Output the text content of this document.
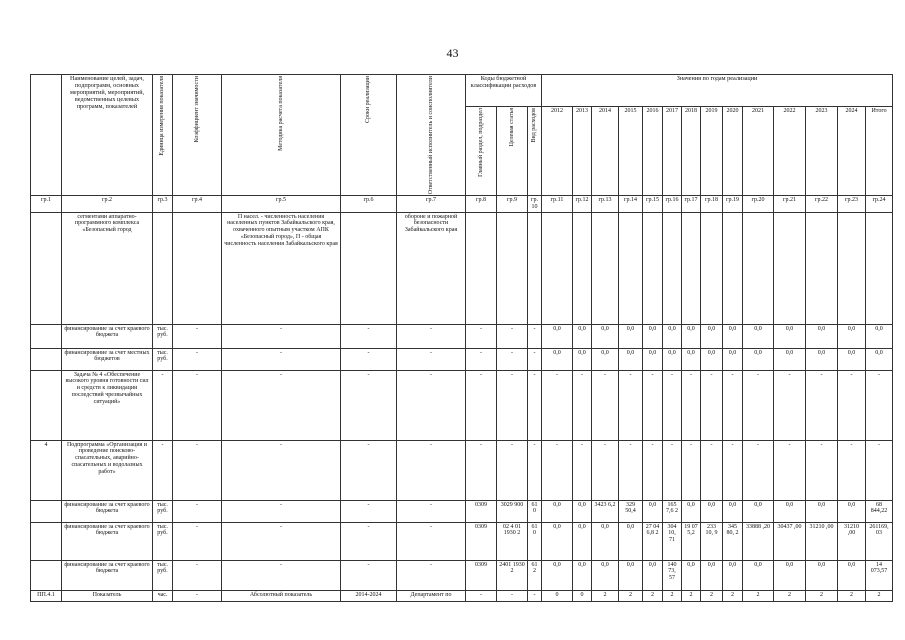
43
	Наименование целей, задач, подпрограмм, основных мероприятий, мероприятий, ведомственных целевых программ, показателей	Единица измерения показателя	Коэффициент значимости	Методика расчета показателя	Сроки реализации	Ответственный исполнитель и соисполнители	Коды бюджетной классификации расходов			Значения по годам реализации													

							Главный раздел, подраздел	Целевая статья	Вид расходов	2012	2013	2014	2015	2016	2017	2018	2019	2020	2021	2022	2023	2024	Итого
гр.1	гр.2	гр.3	гр.4	гр.5	гр.6	гр.7	гр.8	гр.9	гр.10	гр.11	гр.12	гр.13	гр.14	гр.15	гр.16	гр.17	гр.18	гр.19	гр.20	гр.21	гр.22	гр.23	гр.24
	сегментами аппаратно-программного комплекса «Безопасный город			П насел. - численность населения населенных пунктов Забайкальского края, охваченного опытным участком АПК «Безопасный город», П - общая численность населения Забайкальского края		обороне и пожарной безопасности Забайкальского края																	
	финансирование за счет краевого бюджета	тыс. руб.	-	-	-	-	-	-	-	0,0	0,0	0,0	0,0	0,0	0,0	0,0	0,0	0,0	0,0	0,0	0,0	0,0	0,0
	финансирование за счет местных бюджетов	тыс. руб.	-	-	-	-	-	-	-	0,0	0,0	0,0	0,0	0,0	0,0	0,0	0,0	0,0	0,0	0,0	0,0	0,0	0,0
	Задача № 4 «Обеспечение высокого уровня готовности сил и средств к ликвидации последствий чрезвычайных ситуаций»	-	-	-	-	-	-	-	-	-	-	-	-	-	-	-	-	-	-	-	-	-	-
4	Подпрограмма «Организация и проведение поисково-спасательных, аварийно-спасательных и водолазных работ»	-	-	-	-	-	-	-	-	-	-	-	-	-	-	-	-	-	-	-	-	-	-
	финансирование за счет краевого бюджета	тыс. руб.	-	-	-	-	0309	3029 900	61 0	0,0	0,0	3423 6,2	329 50,4	0,0	165 7,6 2	0,0	0,0	0,0	0,0	0,0	0,0	0,0	68 844,22
	финансирование за счет краевого бюджета	тыс. руб.	-	-	-	-	0309	02 4 01 1930 2	61 0	0,0	0,0	0,0	0,0	27 04 6,8 2	304 10, 71	19 07 5,2	233 10, 9	345 80, 2	33888 ,20	30437 ,00	31210 ,00	31210 ,00	261169, 03
	финансирование за счет краевого бюджета	тыс. руб.	-	-	-	-	0309	2401 1930 2	61 2	0,0	0,0	0,0	0,0	0,0	140 73, 57	0,0	0,0	0,0	0,0	0,0	0,0	0,0	14 073,57
ПП.4.1	Показатель	час.	-	Абсолютный показатель	2014-2024	Департамент по	-	-	-	0	0	2	2	2	2	2	2	2	2	2	2	2	2
